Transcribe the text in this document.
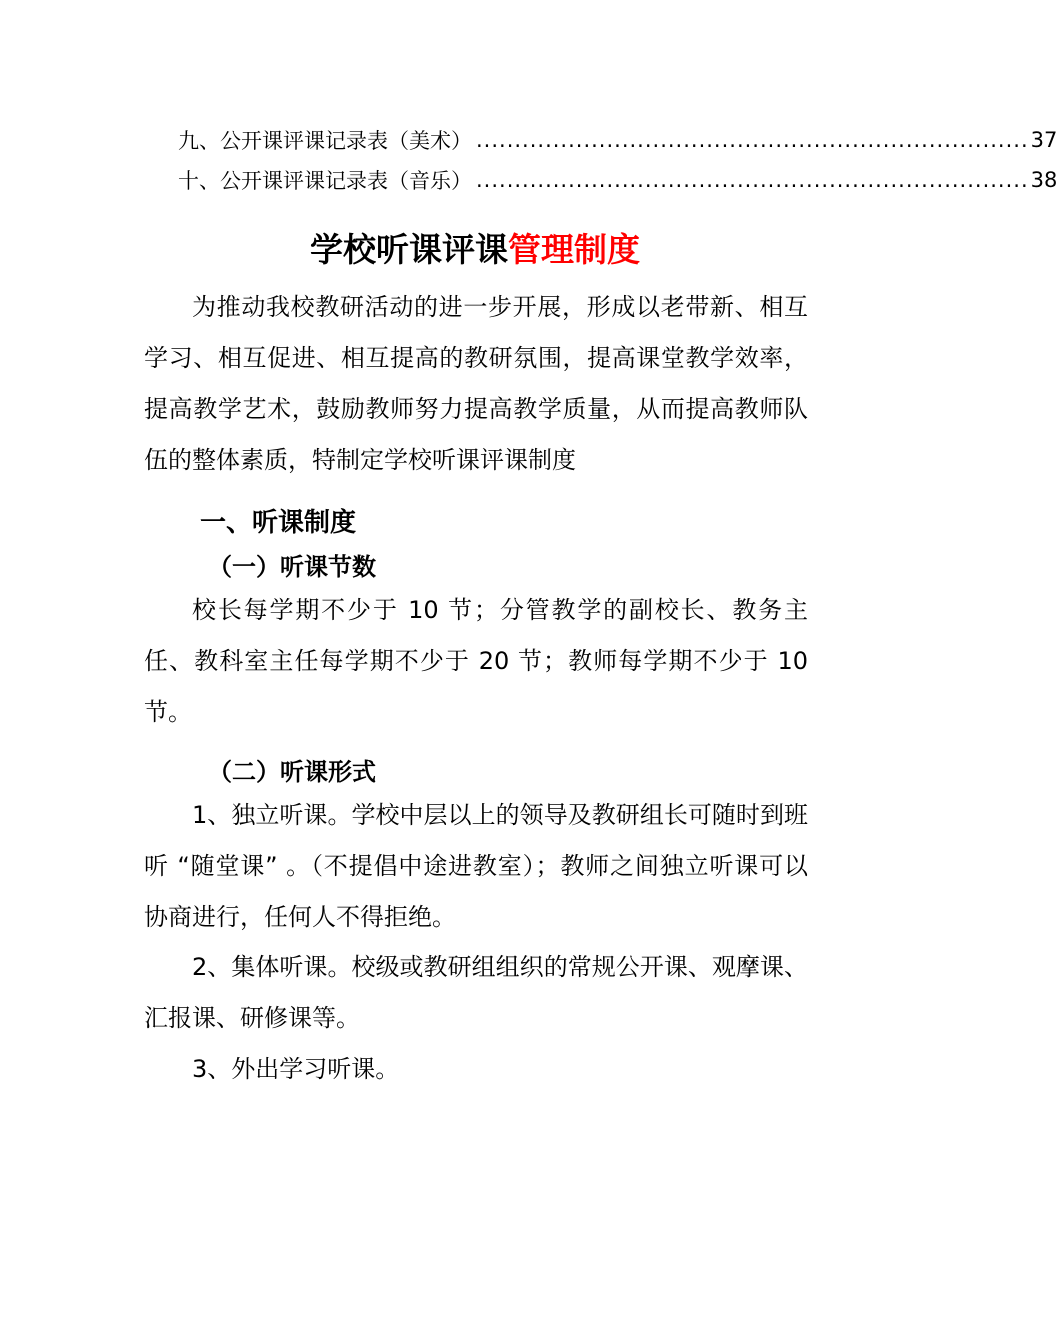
九、公开课评课记录表（美术） ........................................................................ 37
十、公开课评课记录表（音乐） ........................................................................ 38
学校听课评课管理制度

为推动我校教研活动的进一步开展，形成以老带新、相互学习、相互促进、相互提高的教研氛围，提高课堂教学效率，提高教学艺术，鼓励教师努力提高教学质量，从而提高教师队伍的整体素质，特制定学校听课评课制度

一、听课制度
（一）听课节数

校长每学期不少于 10 节；分管教学的副校长、教务主任、教科室主任每学期不少于 20 节；教师每学期不少于 10 节。

（二）听课形式

1、独立听课。学校中层以上的领导及教研组长可随时到班听 “随堂课” 。（不提倡中途进教室）；教师之间独立听课可以协商进行，任何人不得拒绝。

2、集体听课。校级或教研组组织的常规公开课、观摩课、汇报课、研修课等。

3、外出学习听课。
